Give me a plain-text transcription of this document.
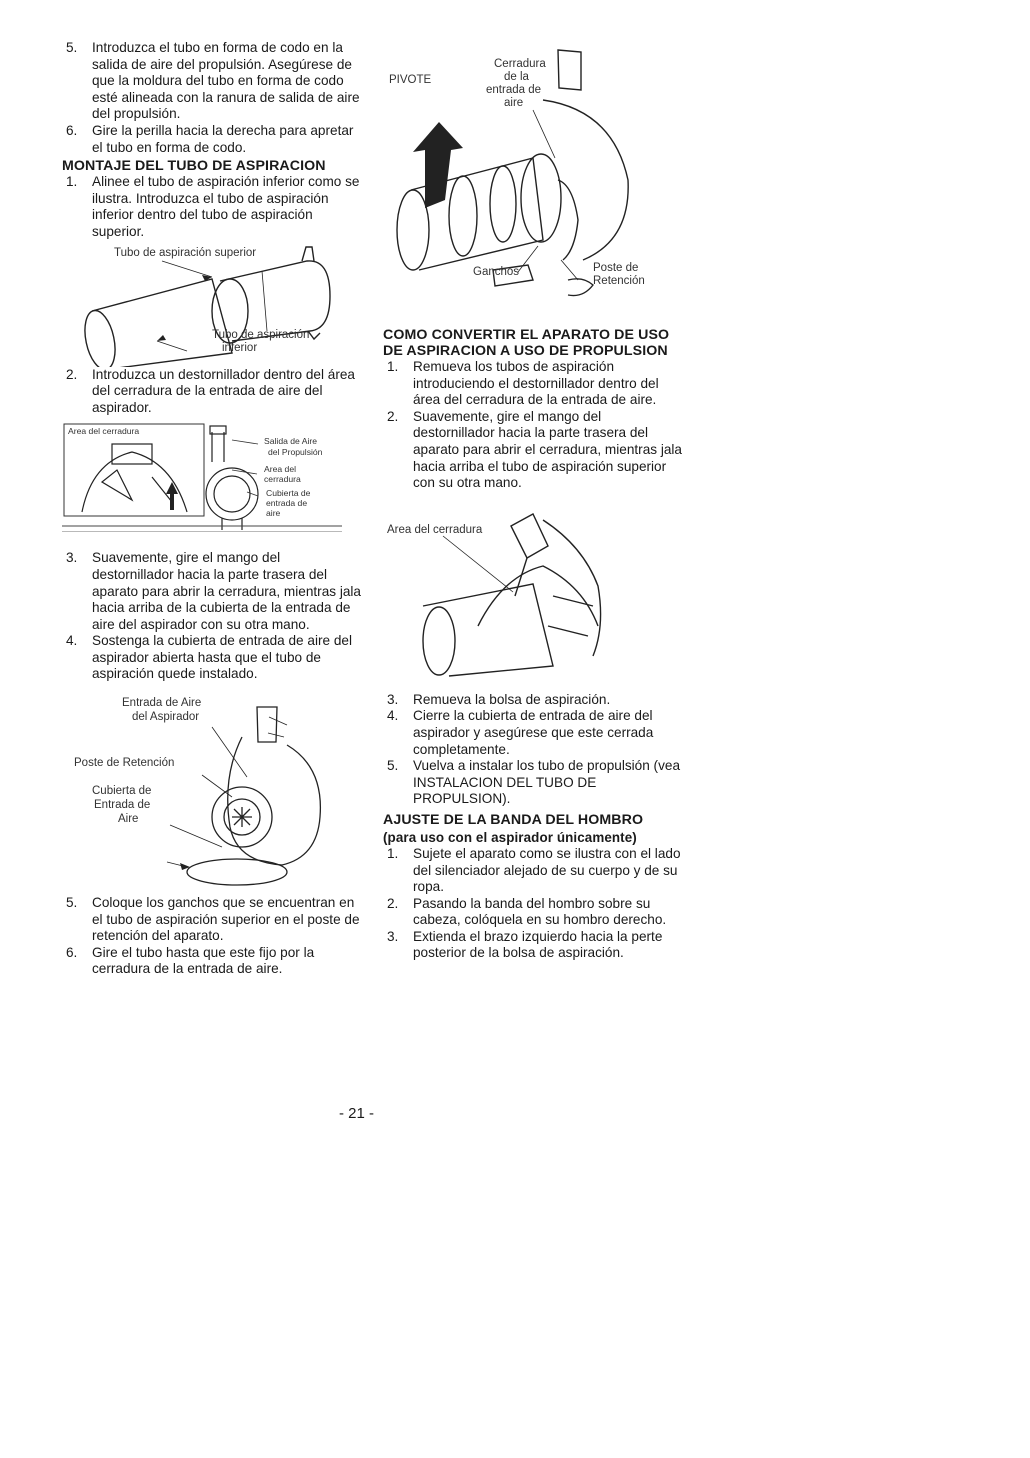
5. Introduzca el tubo en forma de codo en la salida de aire del propulsión. Asegúrese de que la moldura del tubo en forma de codo esté alineada con la ranura de salida de aire del propulsión.
6. Gire la perilla hacia la derecha para apretar el tubo en forma de codo.
MONTAJE DEL TUBO DE ASPIRACION
1. Alinee el tubo de aspiración inferior como se ilustra. Introduzca el tubo de aspiración inferior dentro del tubo de aspiración superior.
Tubo de aspiración superior
Tubo de aspiración
inferior
2. Introduzca un destornillador dentro del área del cerradura de la entrada de aire del aspirador.
Area del cerradura
Salida de Aire
del Propulsión
Area del
cerradura
Cubierta de
entrada de
aire
3. Suavemente, gire el mango del destornillador hacia la parte trasera del aparato para abrir la cerradura, mientras jala hacia arriba de la cubierta de la entrada de aire del aspirador con su otra mano.
4. Sostenga la cubierta de entrada de aire del aspirador abierta hasta que el tubo de aspiración quede instalado.
Entrada de Aire
del Aspirador
Poste de Retención
Cubierta de
Entrada de
Aire
5. Coloque los ganchos que se encuentran en el tubo de aspiración superior en el poste de retención del aparato.
6. Gire el tubo hasta que este fijo por la cerradura de la entrada de aire.
PIVOTE
Cerradura
de la
entrada de
aire
Ganchos	Poste de
Retención
COMO CONVERTIR EL APARATO DE USO DE ASPIRACION A USO DE PROPULSION
1. Remueva los tubos de aspiración introduciendo el destornillador dentro del área del cerradura de la entrada de aire.
2. Suavemente, gire el mango del destornillador hacia la parte trasera del aparato para abrir el cerradura, mientras jala hacia arriba el tubo de aspiración superior con su otra mano.
Area del cerradura
3. Remueva la bolsa de aspiración.
4. Cierre la cubierta de entrada de aire del aspirador y asegúrese que este cerrada completamente.
5. Vuelva a instalar los tubo de propulsión (vea INSTALACION DEL TUBO DE PROPULSION).
AJUSTE DE LA BANDA DEL HOMBRO
(para uso con el aspirador únicamente)
1. Sujete el aparato como se ilustra con el lado del silenciador alejado de su cuerpo y de su ropa.
2. Pasando la banda del hombro sobre su cabeza, colóquela en su hombro derecho.
3. Extienda el brazo izquierdo hacia la perte posterior de la bolsa de aspiración.
- 21 -
